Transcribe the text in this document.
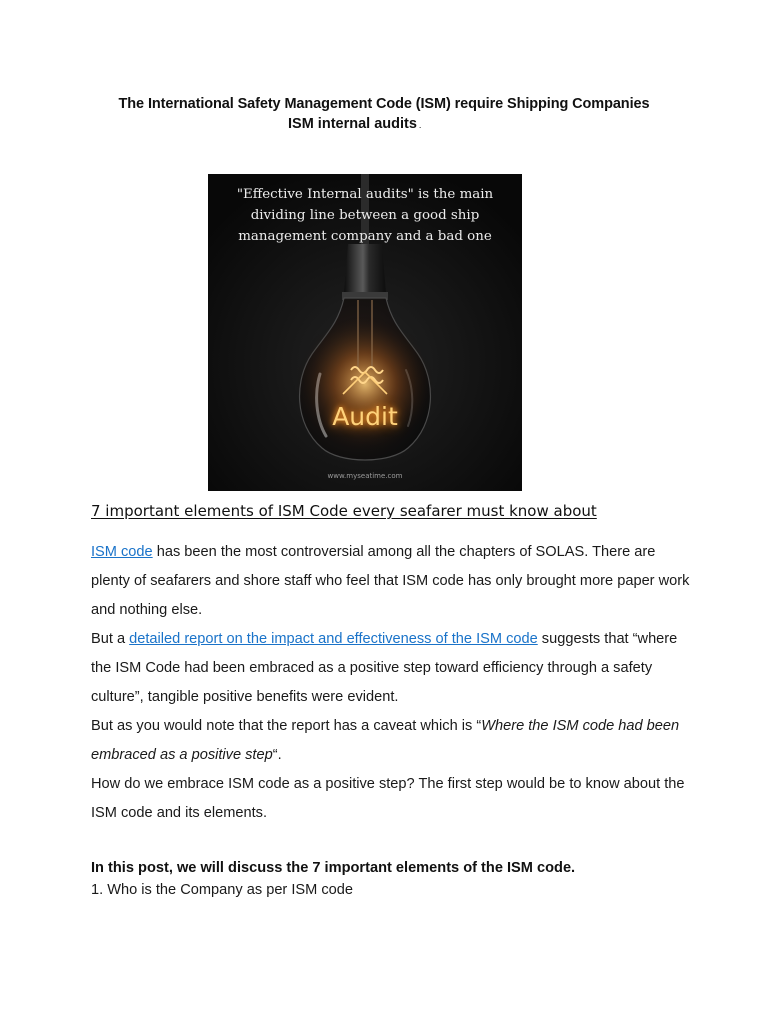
The International Safety Management Code (ISM) require Shipping Companies
ISM internal audits .
"Effective Internal audits" is the main dividing line between a good ship management company and a bad one
Audit
www.myseatime.com
7 important elements of ISM Code every seafarer must know about

ISM code has been the most controversial among all the chapters of SOLAS. There are plenty of seafarers and shore staff who feel that ISM code has only brought more paper work and nothing else.

But a detailed report on the impact and effectiveness of the ISM code suggests that “where the ISM Code had been embraced as a positive step toward efficiency through a safety culture”, tangible positive benefits were evident.

But as you would note that the report has a caveat which is “Where the ISM code had been embraced as a positive step“.

How do we embrace ISM code as a positive step? The first step would be to know about the ISM code and its elements.

In this post, we will discuss the 7 important elements of the ISM code.
1. Who is the Company as per ISM code
